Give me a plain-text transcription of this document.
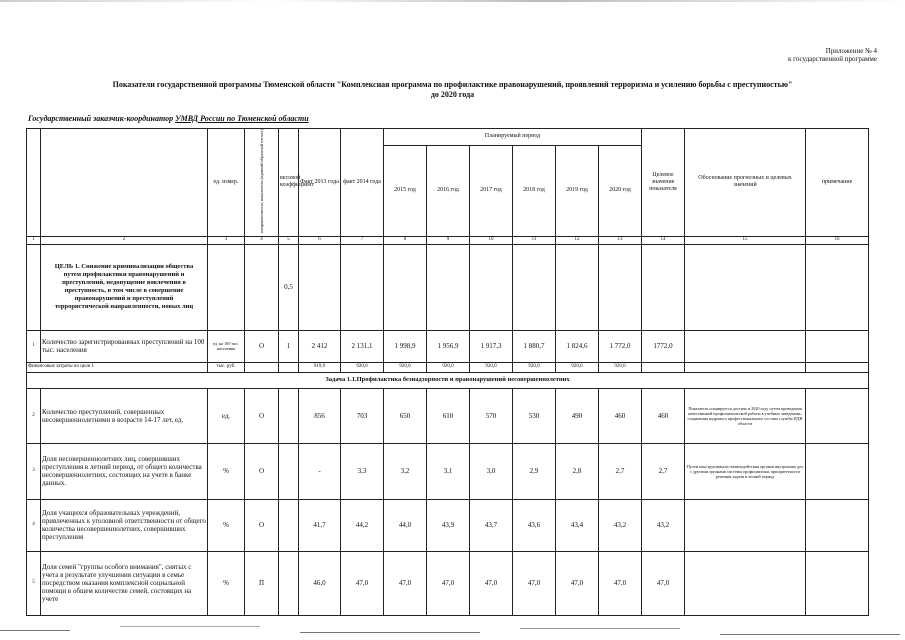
Приложение № 4
к государственной программе
Показатели государственной программы Тюменской области "Комплексная программа по профилактике правонарушений, проявлений терроризма и усилению борьбы с преступностью"
до 2020 года
Государственный заказчик-координатор УМВД России по Тюменской области
		ед. измер.	направленность показателя (прямой/обратный отсчет)	весовой коэффициент	Факт 2013 года	факт 2014 года	Планируемый период						Целевое значение показателя	Обоснование прогнозных и целевых значений	примечание
							2015 год	2016 год	2017 год	2018 год	2019 год	2020 год			
1	2	3	4	5	6	7	8	9	10	11	12	13	14	15	16
	ЦЕЛЬ 1. Снижение криминализации общества путем профилактики правонарушений и преступлений, недопущение вовлечения в преступность, в том числе в совершение правонарушений и преступлений террористической направленности, новых лиц			0,5											
1	Количество зарегистрированных преступлений на 100 тыс. населения	ед. на 100 тыс. населения	О	1	2 412	2 131,1	1 998,9	1 956,9	1 917,3	1 880,7	1 824,6	1 772,0	1772,0		
Финансовые затраты по цели 1		тыс. руб.			919,9	920,0	920,0	920,0	920,0	920,0	920,0	920,0			
Задача 1.1.Профилактика безнадзорности и правонарушений несовершеннолетних															
2	Количество преступлений, совершенных несовершеннолетними в возрасте 14-17 лет, ед.	ед.	О		856	703	650	610	570	530	490	460	460	Показатель планируется достичь в 2020 году путем проведения качественной профилактической работы в учебных заведениях, сохранения кадрового профессионального состава службы ПДН области	
3	Доля несовершеннолетних лиц, совершивших преступления в летний период, от общего количества несовершеннолетних, состоящих на учете в банке данных.	%	О		-	3,3	3,2	3,1	3,0	2,9	2,8	2,7	2,7	Путем конструктивного взаимодействия органов внутренних дел с другими органами системы профилактики, приоритетности решения задачи в летний период	
4	Доля учащихся образовательных учреждений, привлеченных к уголовной ответственности от общего количества несовершеннолетних, совершивших преступления	%	О		41,7	44,2	44,0	43,9	43,7	43,6	43,4	43,2	43,2		
5	Доля семей "группы особого внимания", снятых с учета в результате улучшения ситуации в семье посредством оказания комплексной социальной помощи в общем количестве семей, состоящих на учете	%	П		46,0	47,0	47,0	47,0	47,0	47,0	47,0	47,0	47,0		
